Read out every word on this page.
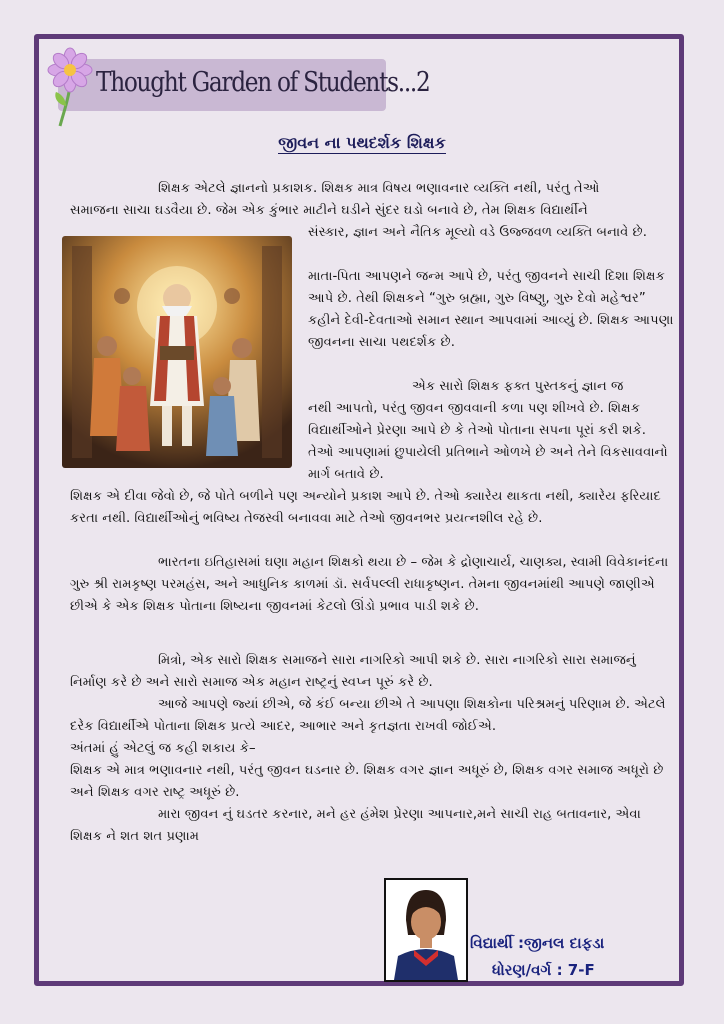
Thought Garden of Students...2
જીવન ના પથદર્શક શિક્ષક

શિક્ષક એટલે જ્ઞાનનો પ્રકાશક. શિક્ષક માત્ર વિષય ભણાવનાર વ્યક્તિ નથી, પરંતુ તેઓ

સમાજના સાચા ઘડવૈયા છે. જેમ એક કુંભાર માટીને ઘડીને સુંદર ઘડો બનાવે છે, તેમ શિક્ષક વિદ્યાર્થીને

સંસ્કાર, જ્ઞાન અને નૈતિક મૂલ્યો વડે ઉજ્જવળ વ્યક્તિ બનાવે છે.

માતા-પિતા આપણને જન્મ આપે છે, પરંતુ જીવનને સાચી દિશા શિક્ષક આપે છે. તેથી શિક્ષકને “ગુરુ બ્રહ્મા, ગુરુ વિષ્ણુ, ગુરુ દેવો મહેશ્વર” કહીને દેવી-દેવતાઓ સમાન સ્થાન આપવામાં આવ્યું છે. શિક્ષક આપણા જીવનના સાચા પથદર્શક છે.

એક સારો શિક્ષક ફક્ત પુસ્તકનું જ્ઞાન જ

નથી આપતો, પરંતુ જીવન જીવવાની કળા પણ શીખવે છે. શિક્ષક વિદ્યાર્થીઓને પ્રેરણા આપે છે કે તેઓ પોતાના સપના પૂરાં કરી શકે. તેઓ આપણામાં છુપાયેલી પ્રતિભાને ઓળખે છે અને તેને વિકસાવવાનો માર્ગ બતાવે છે.

શિક્ષક એ દીવા જેવો છે, જે પોતે બળીને પણ અન્યોને પ્રકાશ આપે છે. તેઓ ક્યારેય થાકતા નથી, ક્યારેય ફરિયાદ કરતા નથી. વિદ્યાર્થીઓનું ભવિષ્ય તેજસ્વી બનાવવા માટે તેઓ જીવનભર પ્રયત્નશીલ રહે છે.

ભારતના ઇતિહાસમાં ઘણા મહાન શિક્ષકો થયા છે – જેમ કે દ્રોણાચાર્ય, ચાણક્ય, સ્વામી વિવેકાનંદના ગુરુ શ્રી રામકૃષ્ણ પરમહંસ, અને આધુનિક કાળમાં ડૉ. સર્વપલ્લી રાધાકૃષ્ણન. તેમના જીવનમાંથી આપણે જાણીએ છીએ કે એક શિક્ષક પોતાના શિષ્યના જીવનમાં કેટલો ઊંડો પ્રભાવ પાડી શકે છે.

મિત્રો, એક સારો શિક્ષક સમાજને સારા નાગરિકો આપી શકે છે. સારા નાગરિકો સારા સમાજનું નિર્માણ કરે છે અને સારો સમાજ એક મહાન રાષ્ટ્રનું સ્વપ્ન પૂરું કરે છે.

આજે આપણે જ્યાં છીએ, જે કંઈ બન્યા છીએ તે આપણા શિક્ષકોના પરિશ્રમનું પરિણામ છે. એટલે દરેક વિદ્યાર્થીએ પોતાના શિક્ષક પ્રત્યે આદર, આભાર અને કૃતજ્ઞતા રાખવી જોઈએ.

અંતમાં હું એટલું જ કહી શકાય કે–

શિક્ષક એ માત્ર ભણાવનાર નથી, પરંતુ જીવન ઘડનાર છે. શિક્ષક વગર જ્ઞાન અધૂરું છે, શિક્ષક વગર સમાજ અધૂરો છે અને શિક્ષક વગર રાષ્ટ્ર અધૂરું છે.

મારા જીવન નું ઘડતર કરનાર, મને હર હંમેશ પ્રેરણા આપનાર,મને સાચી રાહ બતાવનાર, એવા શિક્ષક ને શત શત પ્રણામ

વિદ્યાર્થી :જીનલ દાફડા
ધોરણ/વર્ગ : 7-F
